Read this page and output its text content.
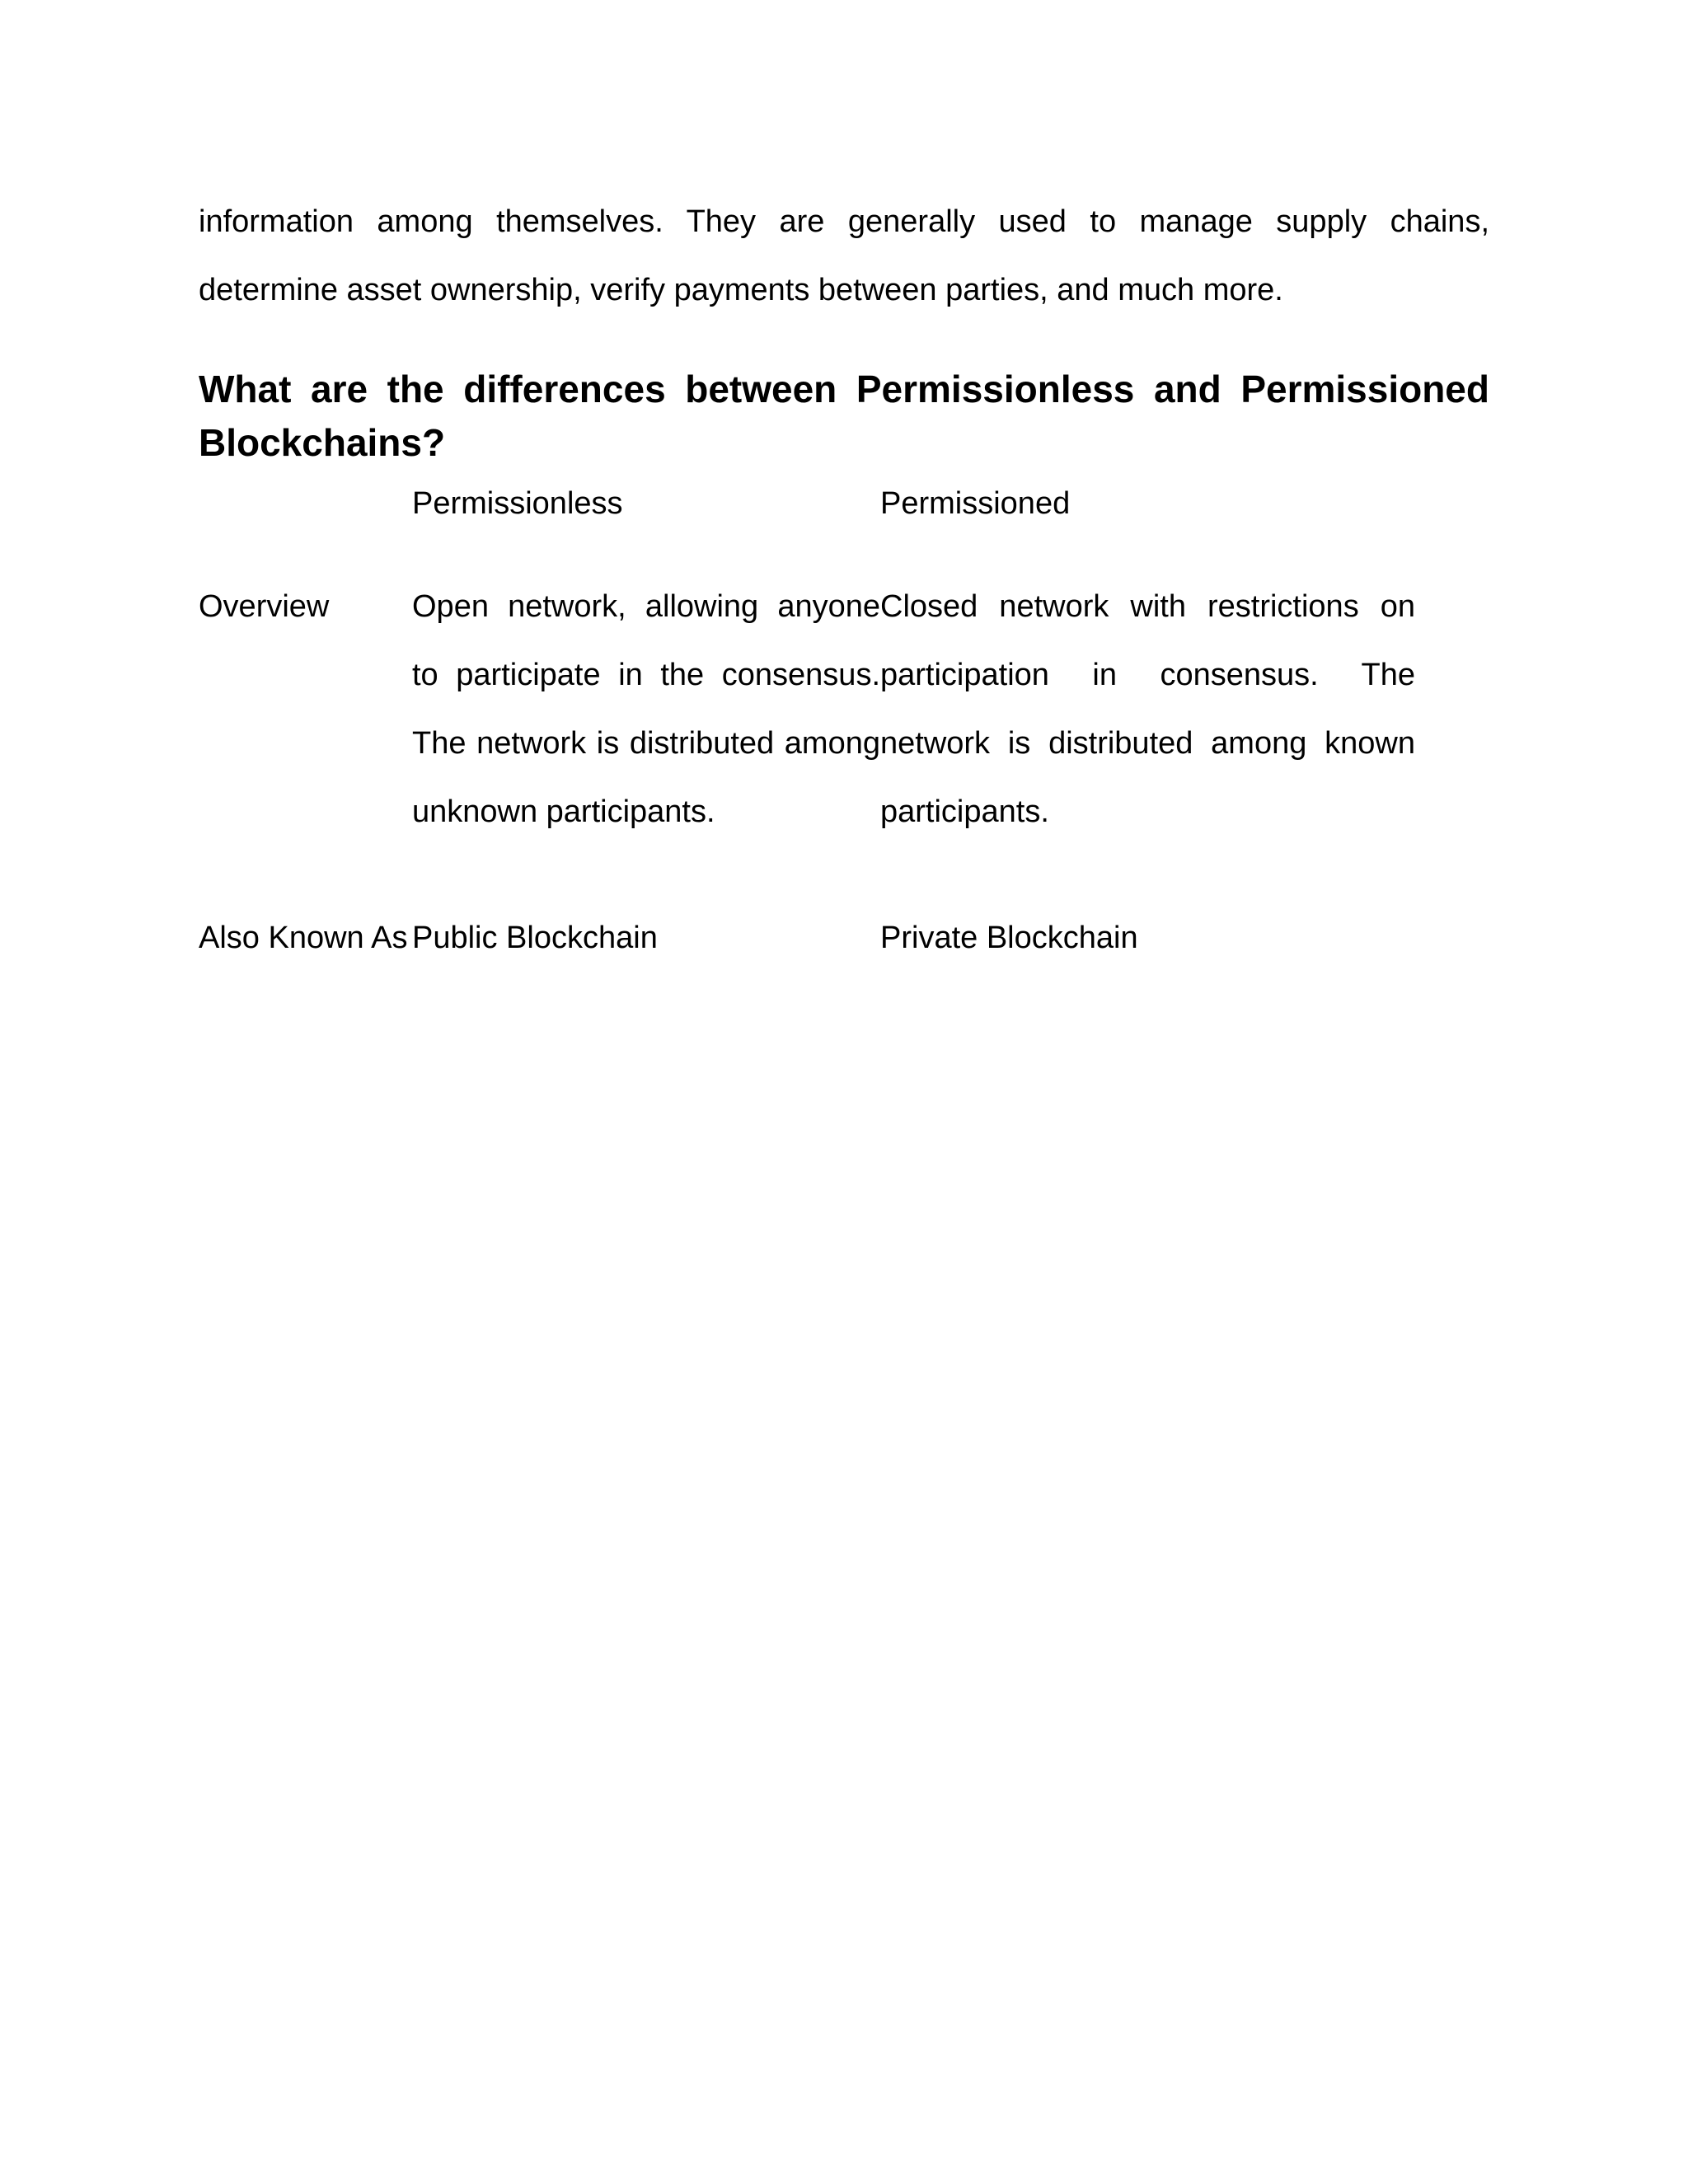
information among themselves. They are generally used to manage supply chains, determine asset ownership, verify payments between parties, and much more.

What are the differences between Permissionless and Permissioned Blockchains?
	Permissionless	Permissioned
Overview	Open network, allowing anyone to participate in the consensus. The network is distributed among unknown participants.	Closed network with restrictions on participation in consensus. The network is distributed among known participants.
Also Known As	Public Blockchain	Private Blockchain
